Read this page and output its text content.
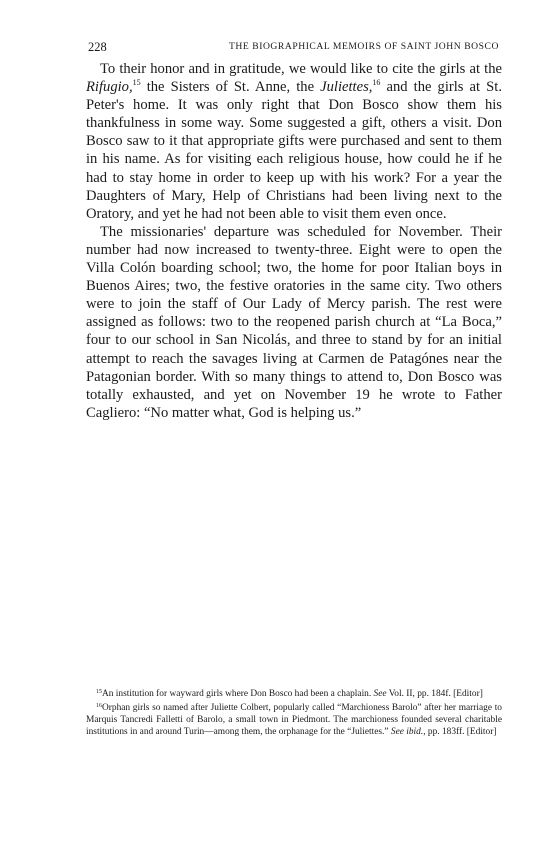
228	THE BIOGRAPHICAL MEMOIRS OF SAINT JOHN BOSCO

To their honor and in gratitude, we would like to cite the girls at the Rifugio,$^{15}$ the Sisters of St. Anne, the Juliettes,$^{16}$ and the girls at St. Peter's home. It was only right that Don Bosco show them his thankfulness in some way. Some suggested a gift, others a visit. Don Bosco saw to it that appropriate gifts were purchased and sent to them in his name. As for visiting each religious house, how could he if he had to stay home in order to keep up with his work? For a year the Daughters of Mary, Help of Christians had been living next to the Oratory, and yet he had not been able to visit them even once.

The missionaries' departure was scheduled for November. Their number had now increased to twenty-three. Eight were to open the Villa Colón boarding school; two, the home for poor Italian boys in Buenos Aires; two, the festive oratories in the same city. Two others were to join the staff of Our Lady of Mercy parish. The rest were assigned as follows: two to the reopened parish church at “La Boca,” four to our school in San Nicolás, and three to stand by for an initial attempt to reach the savages living at Carmen de Patagónes near the Patagonian border. With so many things to attend to, Don Bosco was totally exhausted, and yet on November 19 he wrote to Father Cagliero: “No matter what, God is helping us.”

$^{15}$An institution for wayward girls where Don Bosco had been a chaplain. See Vol. II, pp. 184f. [Editor]

$^{16}$Orphan girls so named after Juliette Colbert, popularly called “Marchioness Barolo” after her marriage to Marquis Tancredi Falletti of Barolo, a small town in Piedmont. The marchioness founded several charitable institutions in and around Turin—among them, the orphanage for the “Juliettes.” See ibid., pp. 183ff. [Editor]
